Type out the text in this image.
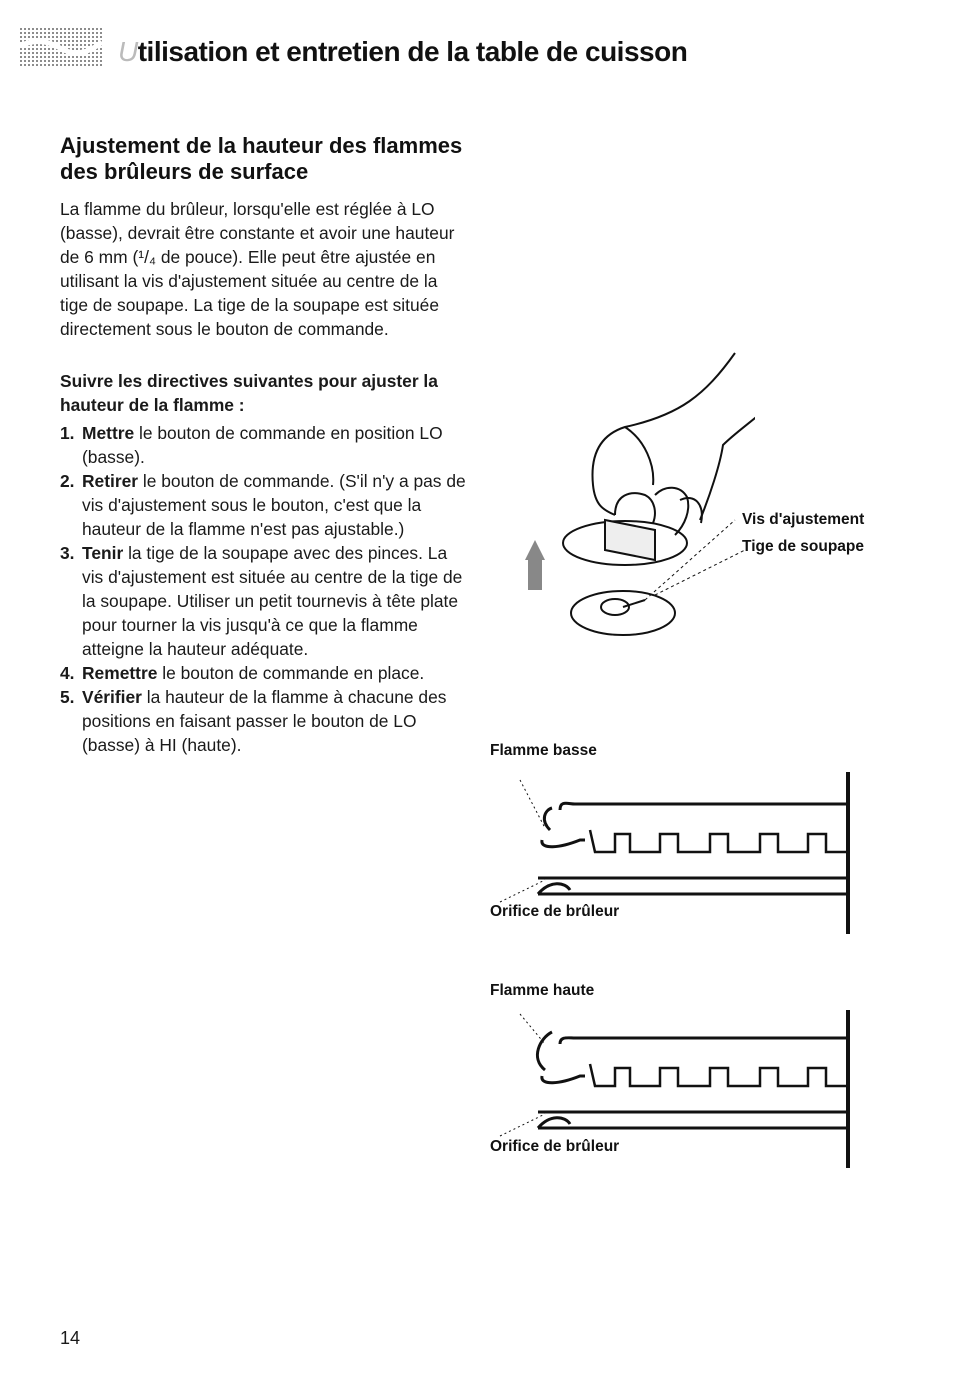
Utilisation et entretien de la table de cuisson
Ajustement de la hauteur des flammes des brûleurs de surface
La flamme du brûleur, lorsqu'elle est réglée à LO (basse), devrait être constante et avoir une hauteur de 6 mm (¹/₄ de pouce). Elle peut être ajustée en utilisant la vis d'ajustement située au centre de la tige de soupape. La tige de la soupape est située directement sous le bouton de commande.
Suivre les directives suivantes pour ajuster la hauteur de la flamme :
1. Mettre le bouton de commande en position LO (basse).
2. Retirer le bouton de commande. (S'il n'y a pas de vis d'ajustement sous le bouton, c'est que la hauteur de la flamme n'est pas ajustable.)
3. Tenir la tige de la soupape avec des pinces. La vis d'ajustement est située au centre de la tige de la soupape. Utiliser un petit tournevis à tête plate pour tourner la vis jusqu'à ce que la flamme atteigne la hauteur adéquate.
4. Remettre le bouton de commande en place.
5. Vérifier la hauteur de la flamme à chacune des positions en faisant passer le bouton de LO (basse) à HI (haute).
Vis d'ajustement
Tige de soupape
Flamme basse
Orifice de brûleur
Flamme haute
Orifice de brûleur
14
